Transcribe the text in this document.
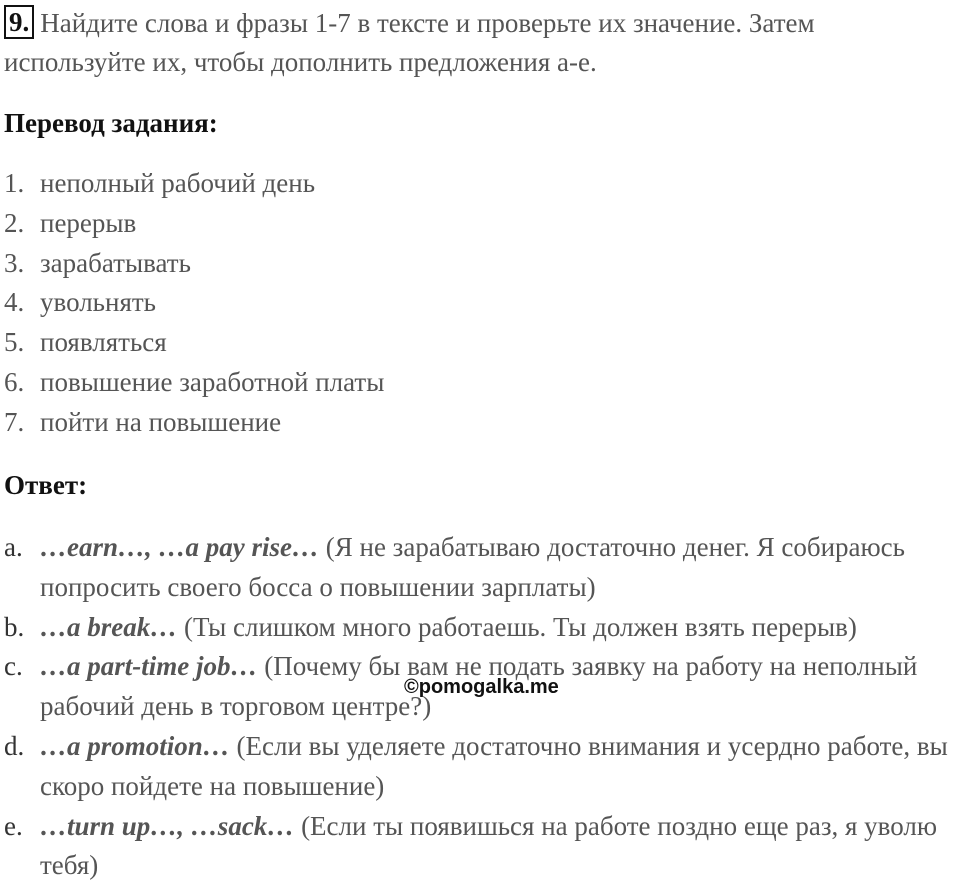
9. Найдите слова и фразы 1-7 в тексте и проверьте их значение. Затем используйте их, чтобы дополнить предложения a-e.
Перевод задания:
1. неполный рабочий день
2. перерыв
3. зарабатывать
4. увольнять
5. появляться
6. повышение заработной платы
7. пойти на повышение
Ответ:
a. …earn…, …a pay rise… (Я не зарабатываю достаточно денег. Я собираюсь попросить своего босса о повышении зарплаты)
b. …a break… (Ты слишком много работаешь. Ты должен взять перерыв)
c. …a part-time job… (Почему бы вам не подать заявку на работу на неполный рабочий день в торговом центре?)
d. …a promotion… (Если вы уделяете достаточно внимания и усердно работе, вы скоро пойдете на повышение)
e. …turn up…, …sack… (Если ты появишься на работе поздно еще раз, я уволю тебя)
©pomogalka.me
